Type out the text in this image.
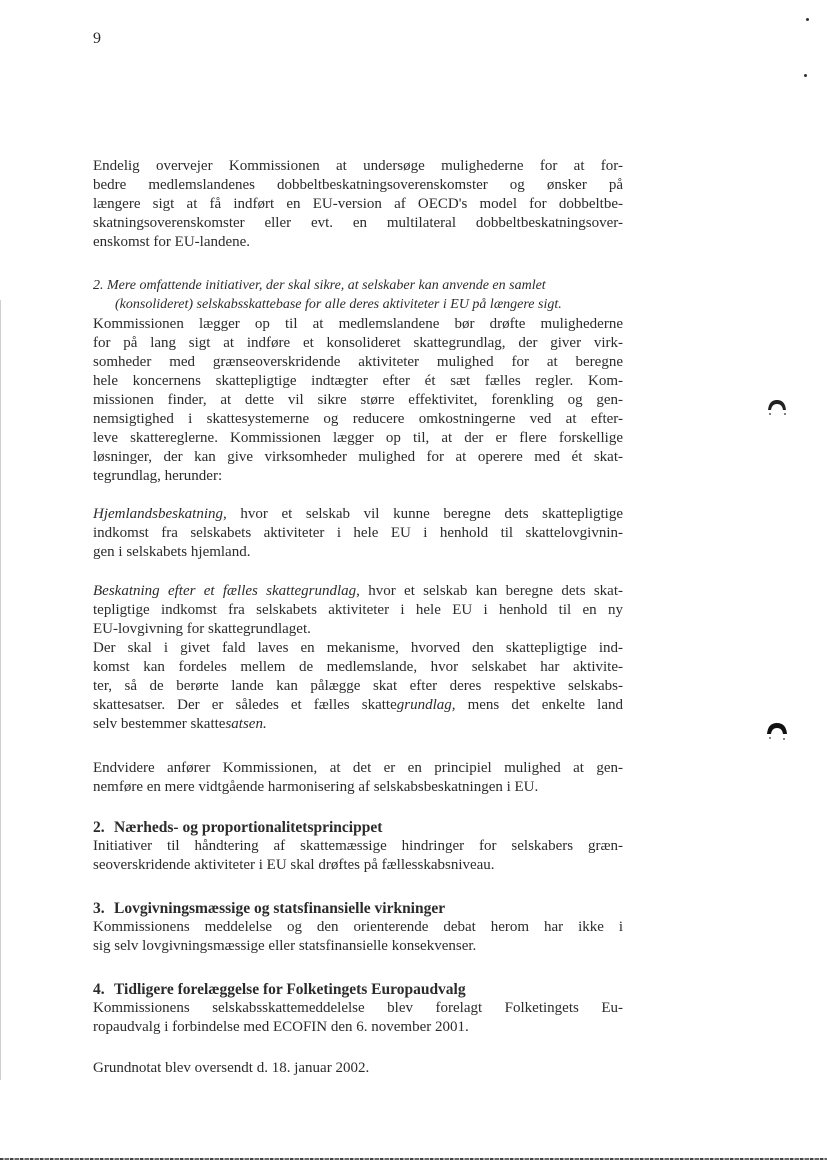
9
Endelig overvejer Kommissionen at undersøge mulighederne for at for-
bedre medlemslandenes dobbeltbeskatningsoverenskomster og ønsker på
længere sigt at få indført en EU-version af OECD's model for dobbeltbe-
skatningsoverenskomster eller evt. en multilateral dobbeltbeskatningsover-
enskomst for EU-landene.
2. Mere omfattende initiativer, der skal sikre, at selskaber kan anvende en samlet
(konsolideret) selskabsskattebase for alle deres aktiviteter i EU på længere sigt.
Kommissionen lægger op til at medlemslandene bør drøfte mulighederne
for på lang sigt at indføre et konsolideret skattegrundlag, der giver virk-
somheder med grænseoverskridende aktiviteter mulighed for at beregne
hele koncernens skattepligtige indtægter efter ét sæt fælles regler. Kom-
missionen finder, at dette vil sikre større effektivitet, forenkling og gen-
nemsigtighed i skattesystemerne og reducere omkostningerne ved at efter-
leve skattereglerne. Kommissionen lægger op til, at der er flere forskellige
løsninger, der kan give virksomheder mulighed for at operere med ét skat-
tegrundlag, herunder:
Hjemlandsbeskatning, hvor et selskab vil kunne beregne dets skattepligtige
indkomst fra selskabets aktiviteter i hele EU i henhold til skattelovgivnin-
gen i selskabets hjemland.
Beskatning efter et fælles skattegrundlag, hvor et selskab kan beregne dets skat-
tepligtige indkomst fra selskabets aktiviteter i hele EU i henhold til en ny
EU-lovgivning for skattegrundlaget.
Der skal i givet fald laves en mekanisme, hvorved den skattepligtige ind-
komst kan fordeles mellem de medlemslande, hvor selskabet har aktivite-
ter, så de berørte lande kan pålægge skat efter deres respektive selskabs-
skattesatser. Der er således et fælles skattegrundlag, mens det enkelte land
selv bestemmer skattesatsen.
Endvidere anfører Kommissionen, at det er en principiel mulighed at gen-
nemføre en mere vidtgående harmonisering af selskabsbeskatningen i EU.
2. Nærheds- og proportionalitetsprincippet
Initiativer til håndtering af skattemæssige hindringer for selskabers græn-
seoverskridende aktiviteter i EU skal drøftes på fællesskabsniveau.
3. Lovgivningsmæssige og statsfinansielle virkninger
Kommissionens meddelelse og den orienterende debat herom har ikke i
sig selv lovgivningsmæssige eller statsfinansielle konsekvenser.
4. Tidligere forelæggelse for Folketingets Europaudvalg
Kommissionens selskabsskattemeddelelse blev forelagt Folketingets Eu-
ropaudvalg i forbindelse med ECOFIN den 6. november 2001.
Grundnotat blev oversendt d. 18. januar 2002.
